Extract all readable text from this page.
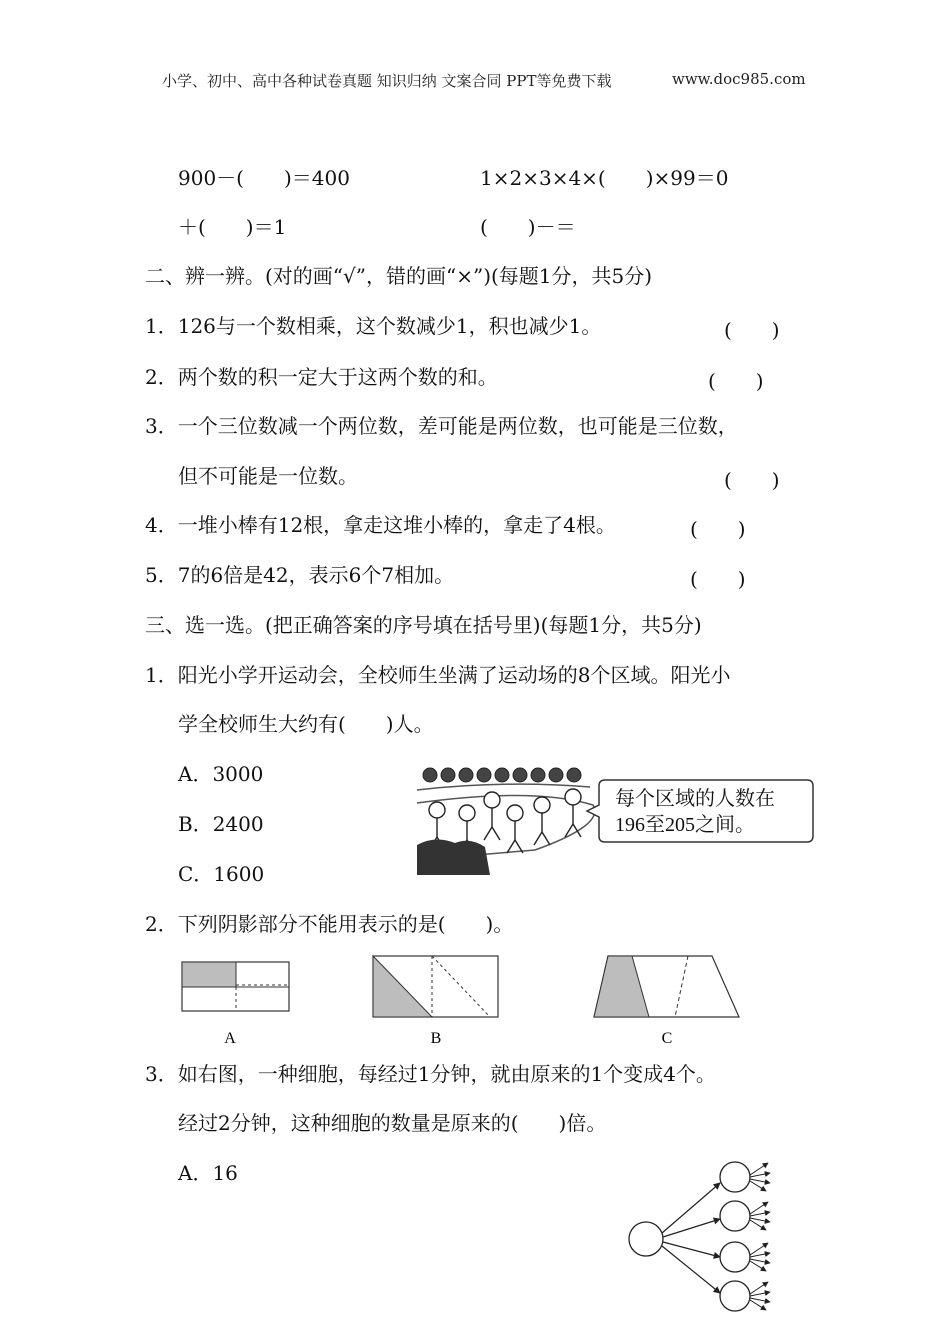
小学、初中、高中各种试卷真题 知识归纳 文案合同 PPT等免费下载	www.doc985.com
900－(　　)＝400	1×2×3×4×(　　)×99＝0
＋(　　)＝1	(　　)－＝
二、辨一辨。(对的画“√”，错的画“×”)(每题1分，共5分)
1．126与一个数相乘，这个数减少1，积也减少1。	(　　)
2．两个数的积一定大于这两个数的和。	(　　)
3．一个三位数减一个两位数，差可能是两位数，也可能是三位数，
但不可能是一位数。	(　　)
4．一堆小棒有12根，拿走这堆小棒的，拿走了4根。	(　　)
5．7的6倍是42，表示6个7相加。	(　　)
三、选一选。(把正确答案的序号填在括号里)(每题1分，共5分)
1．阳光小学开运动会，全校师生坐满了运动场的8个区域。阳光小
学全校师生大约有(　　)人。
A．3000
B．2400
C．1600
每个区域的人数在
196至205之间。
2．下列阴影部分不能用表示的是(　　)。
A	B	C
3．如右图，一种细胞，每经过1分钟，就由原来的1个变成4个。
经过2分钟，这种细胞的数量是原来的(　　)倍。
A．16
